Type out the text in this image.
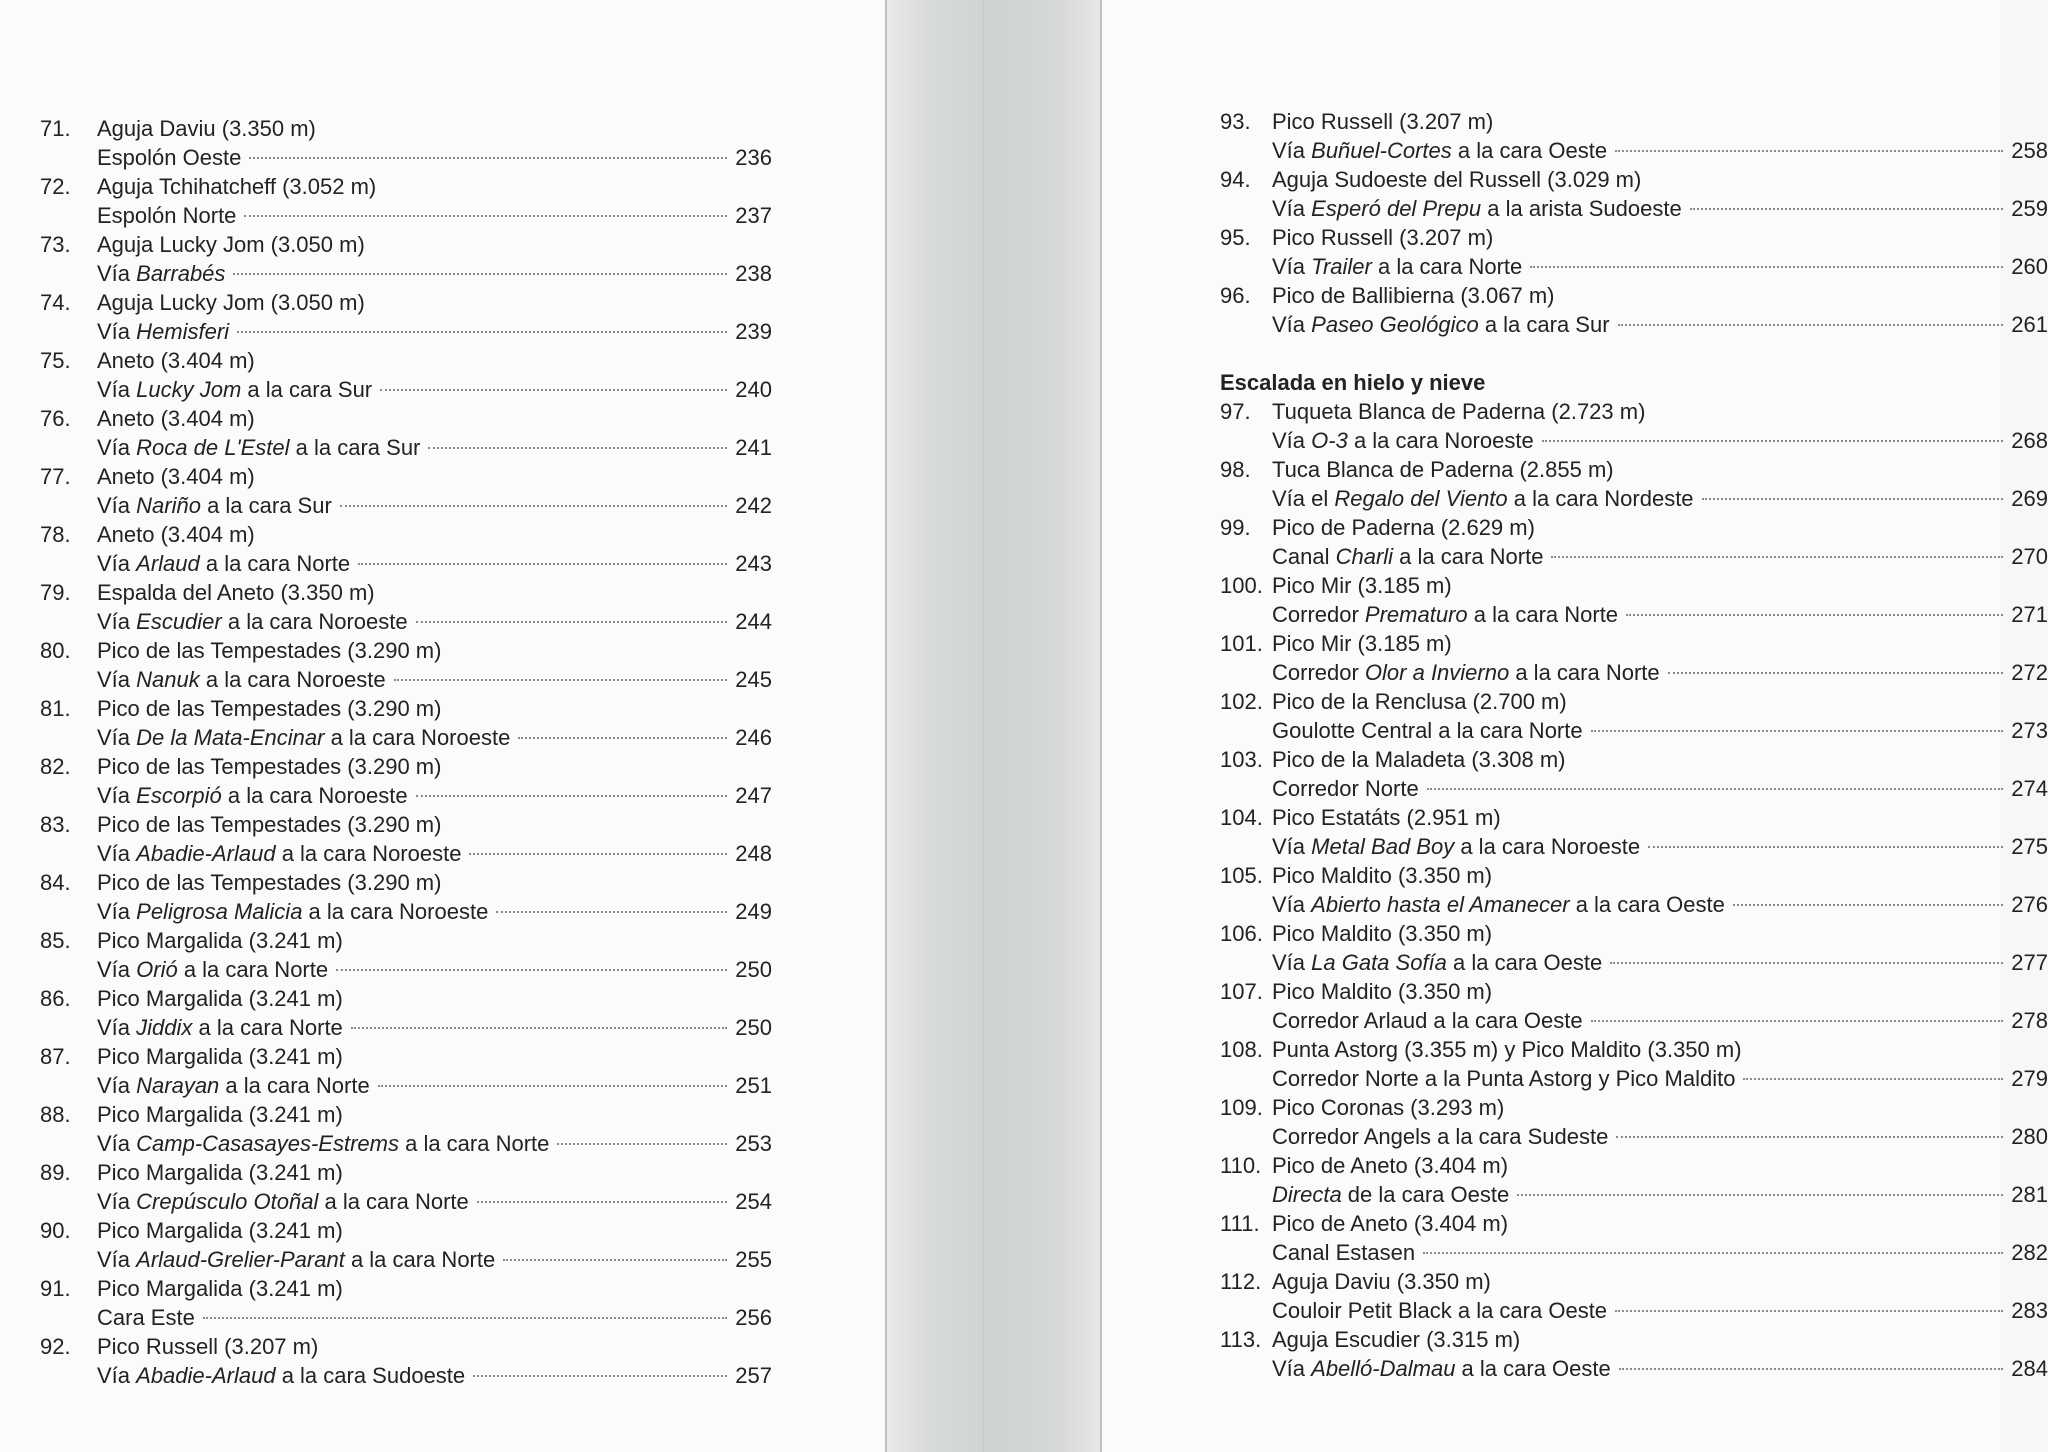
71.	Aguja Daviu (3.350 m)
Espolón Oeste	236
72.	Aguja Tchihatcheff (3.052 m)
Espolón Norte	237
73.	Aguja Lucky Jom (3.050 m)
Vía Barrabés	238
74.	Aguja Lucky Jom (3.050 m)
Vía Hemisferi	239
75.	Aneto (3.404 m)
Vía Lucky Jom a la cara Sur	240
76.	Aneto (3.404 m)
Vía Roca de L'Estel a la cara Sur	241
77.	Aneto (3.404 m)
Vía Nariño a la cara Sur	242
78.	Aneto (3.404 m)
Vía Arlaud a la cara Norte	243
79.	Espalda del Aneto (3.350 m)
Vía Escudier a la cara Noroeste	244
80.	Pico de las Tempestades (3.290 m)
Vía Nanuk a la cara Noroeste	245
81.	Pico de las Tempestades (3.290 m)
Vía De la Mata-Encinar a la cara Noroeste	246
82.	Pico de las Tempestades (3.290 m)
Vía Escorpió a la cara Noroeste	247
83.	Pico de las Tempestades (3.290 m)
Vía Abadie-Arlaud a la cara Noroeste	248
84.	Pico de las Tempestades (3.290 m)
Vía Peligrosa Malicia a la cara Noroeste	249
85.	Pico Margalida (3.241 m)
Vía Orió a la cara Norte	250
86.	Pico Margalida (3.241 m)
Vía Jiddix a la cara Norte	250
87.	Pico Margalida (3.241 m)
Vía Narayan a la cara Norte	251
88.	Pico Margalida (3.241 m)
Vía Camp-Casasayes-Estrems a la cara Norte	253
89.	Pico Margalida (3.241 m)
Vía Crepúsculo Otoñal a la cara Norte	254
90.	Pico Margalida (3.241 m)
Vía Arlaud-Grelier-Parant a la cara Norte	255
91.	Pico Margalida (3.241 m)
Cara Este	256
92.	Pico Russell (3.207 m)
Vía Abadie-Arlaud a la cara Sudoeste	257
93. Pico Russell (3.207 m)
Vía Buñuel-Cortes a la cara Oeste	258
94. Aguja Sudoeste del Russell (3.029 m)
Vía Esperó del Prepu a la arista Sudoeste	259
95. Pico Russell (3.207 m)
Vía Trailer a la cara Norte	260
96. Pico de Ballibierna (3.067 m)
Vía Paseo Geológico a la cara Sur	261
Escalada en hielo y nieve
97. Tuqueta Blanca de Paderna (2.723 m)
Vía O-3 a la cara Noroeste	268
98. Tuca Blanca de Paderna (2.855 m)
Vía el Regalo del Viento a la cara Nordeste	269
99. Pico de Paderna (2.629 m)
Canal Charli a la cara Norte	270
100. Pico Mir (3.185 m)
Corredor Prematuro a la cara Norte	271
101. Pico Mir (3.185 m)
Corredor Olor a Invierno a la cara Norte	272
102. Pico de la Renclusa (2.700 m)
Goulotte Central a la cara Norte	273
103. Pico de la Maladeta (3.308 m)
Corredor Norte	274
104. Pico Estatáts (2.951 m)
Vía Metal Bad Boy a la cara Noroeste	275
105. Pico Maldito (3.350 m)
Vía Abierto hasta el Amanecer a la cara Oeste	276
106. Pico Maldito (3.350 m)
Vía La Gata Sofía a la cara Oeste	277
107. Pico Maldito (3.350 m)
Corredor Arlaud a la cara Oeste	278
108. Punta Astorg (3.355 m) y Pico Maldito (3.350 m)
Corredor Norte a la Punta Astorg y Pico Maldito	279
109. Pico Coronas (3.293 m)
Corredor Angels a la cara Sudeste	280
110. Pico de Aneto (3.404 m)
Directa de la cara Oeste	281
111. Pico de Aneto (3.404 m)
Canal Estasen	282
112. Aguja Daviu (3.350 m)
Couloir Petit Black a la cara Oeste	283
113. Aguja Escudier (3.315 m)
Vía Abelló-Dalmau a la cara Oeste	284
